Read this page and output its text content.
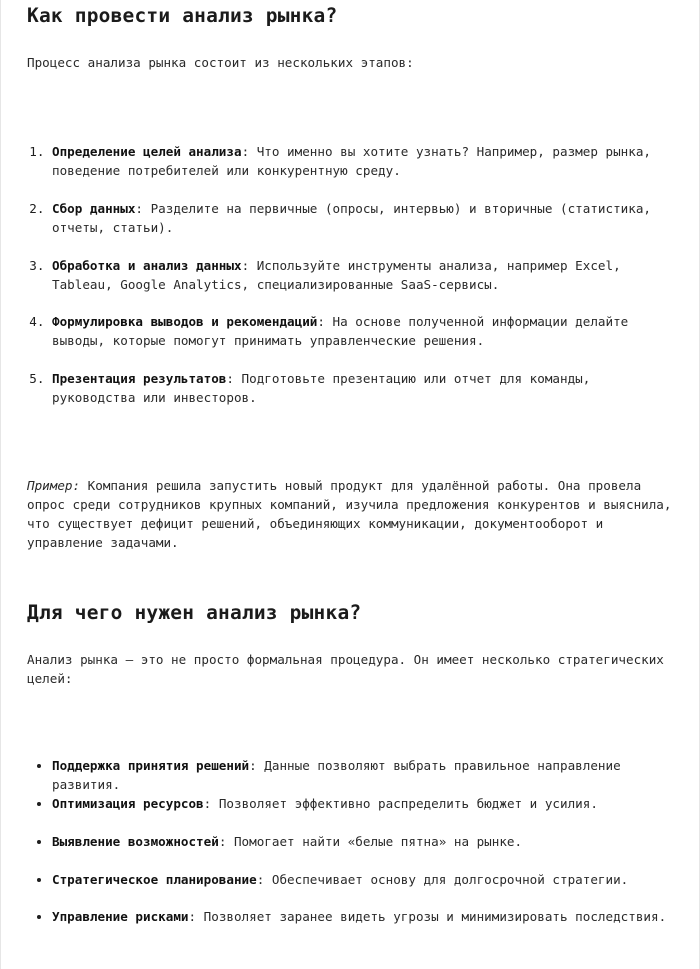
Как провести анализ рынка?

Процесс анализа рынка состоит из нескольких этапов:

1. Определение целей анализа: Что именно вы хотите узнать? Например, размер рынка, поведение потребителей или конкурентную среду.
2. Сбор данных: Разделите на первичные (опросы, интервью) и вторичные (статистика, отчеты, статьи).
3. Обработка и анализ данных: Используйте инструменты анализа, например Excel, Tableau, Google Analytics, специализированные SaaS-сервисы.
4. Формулировка выводов и рекомендаций: На основе полученной информации делайте выводы, которые помогут принимать управленческие решения.
5. Презентация результатов: Подготовьте презентацию или отчет для команды, руководства или инвесторов.

Пример: Компания решила запустить новый продукт для удалённой работы. Она провела опрос среди сотрудников крупных компаний, изучила предложения конкурентов и выяснила, что существует дефицит решений, объединяющих коммуникации, документооборот и управление задачами.

Для чего нужен анализ рынка?

Анализ рынка — это не просто формальная процедура. Он имеет несколько стратегических целей:

• Поддержка принятия решений: Данные позволяют выбрать правильное направление развития.
• Оптимизация ресурсов: Позволяет эффективно распределить бюджет и усилия.
• Выявление возможностей: Помогает найти «белые пятна» на рынке.
• Стратегическое планирование: Обеспечивает основу для долгосрочной стратегии.
• Управление рисками: Позволяет заранее видеть угрозы и минимизировать последствия.
